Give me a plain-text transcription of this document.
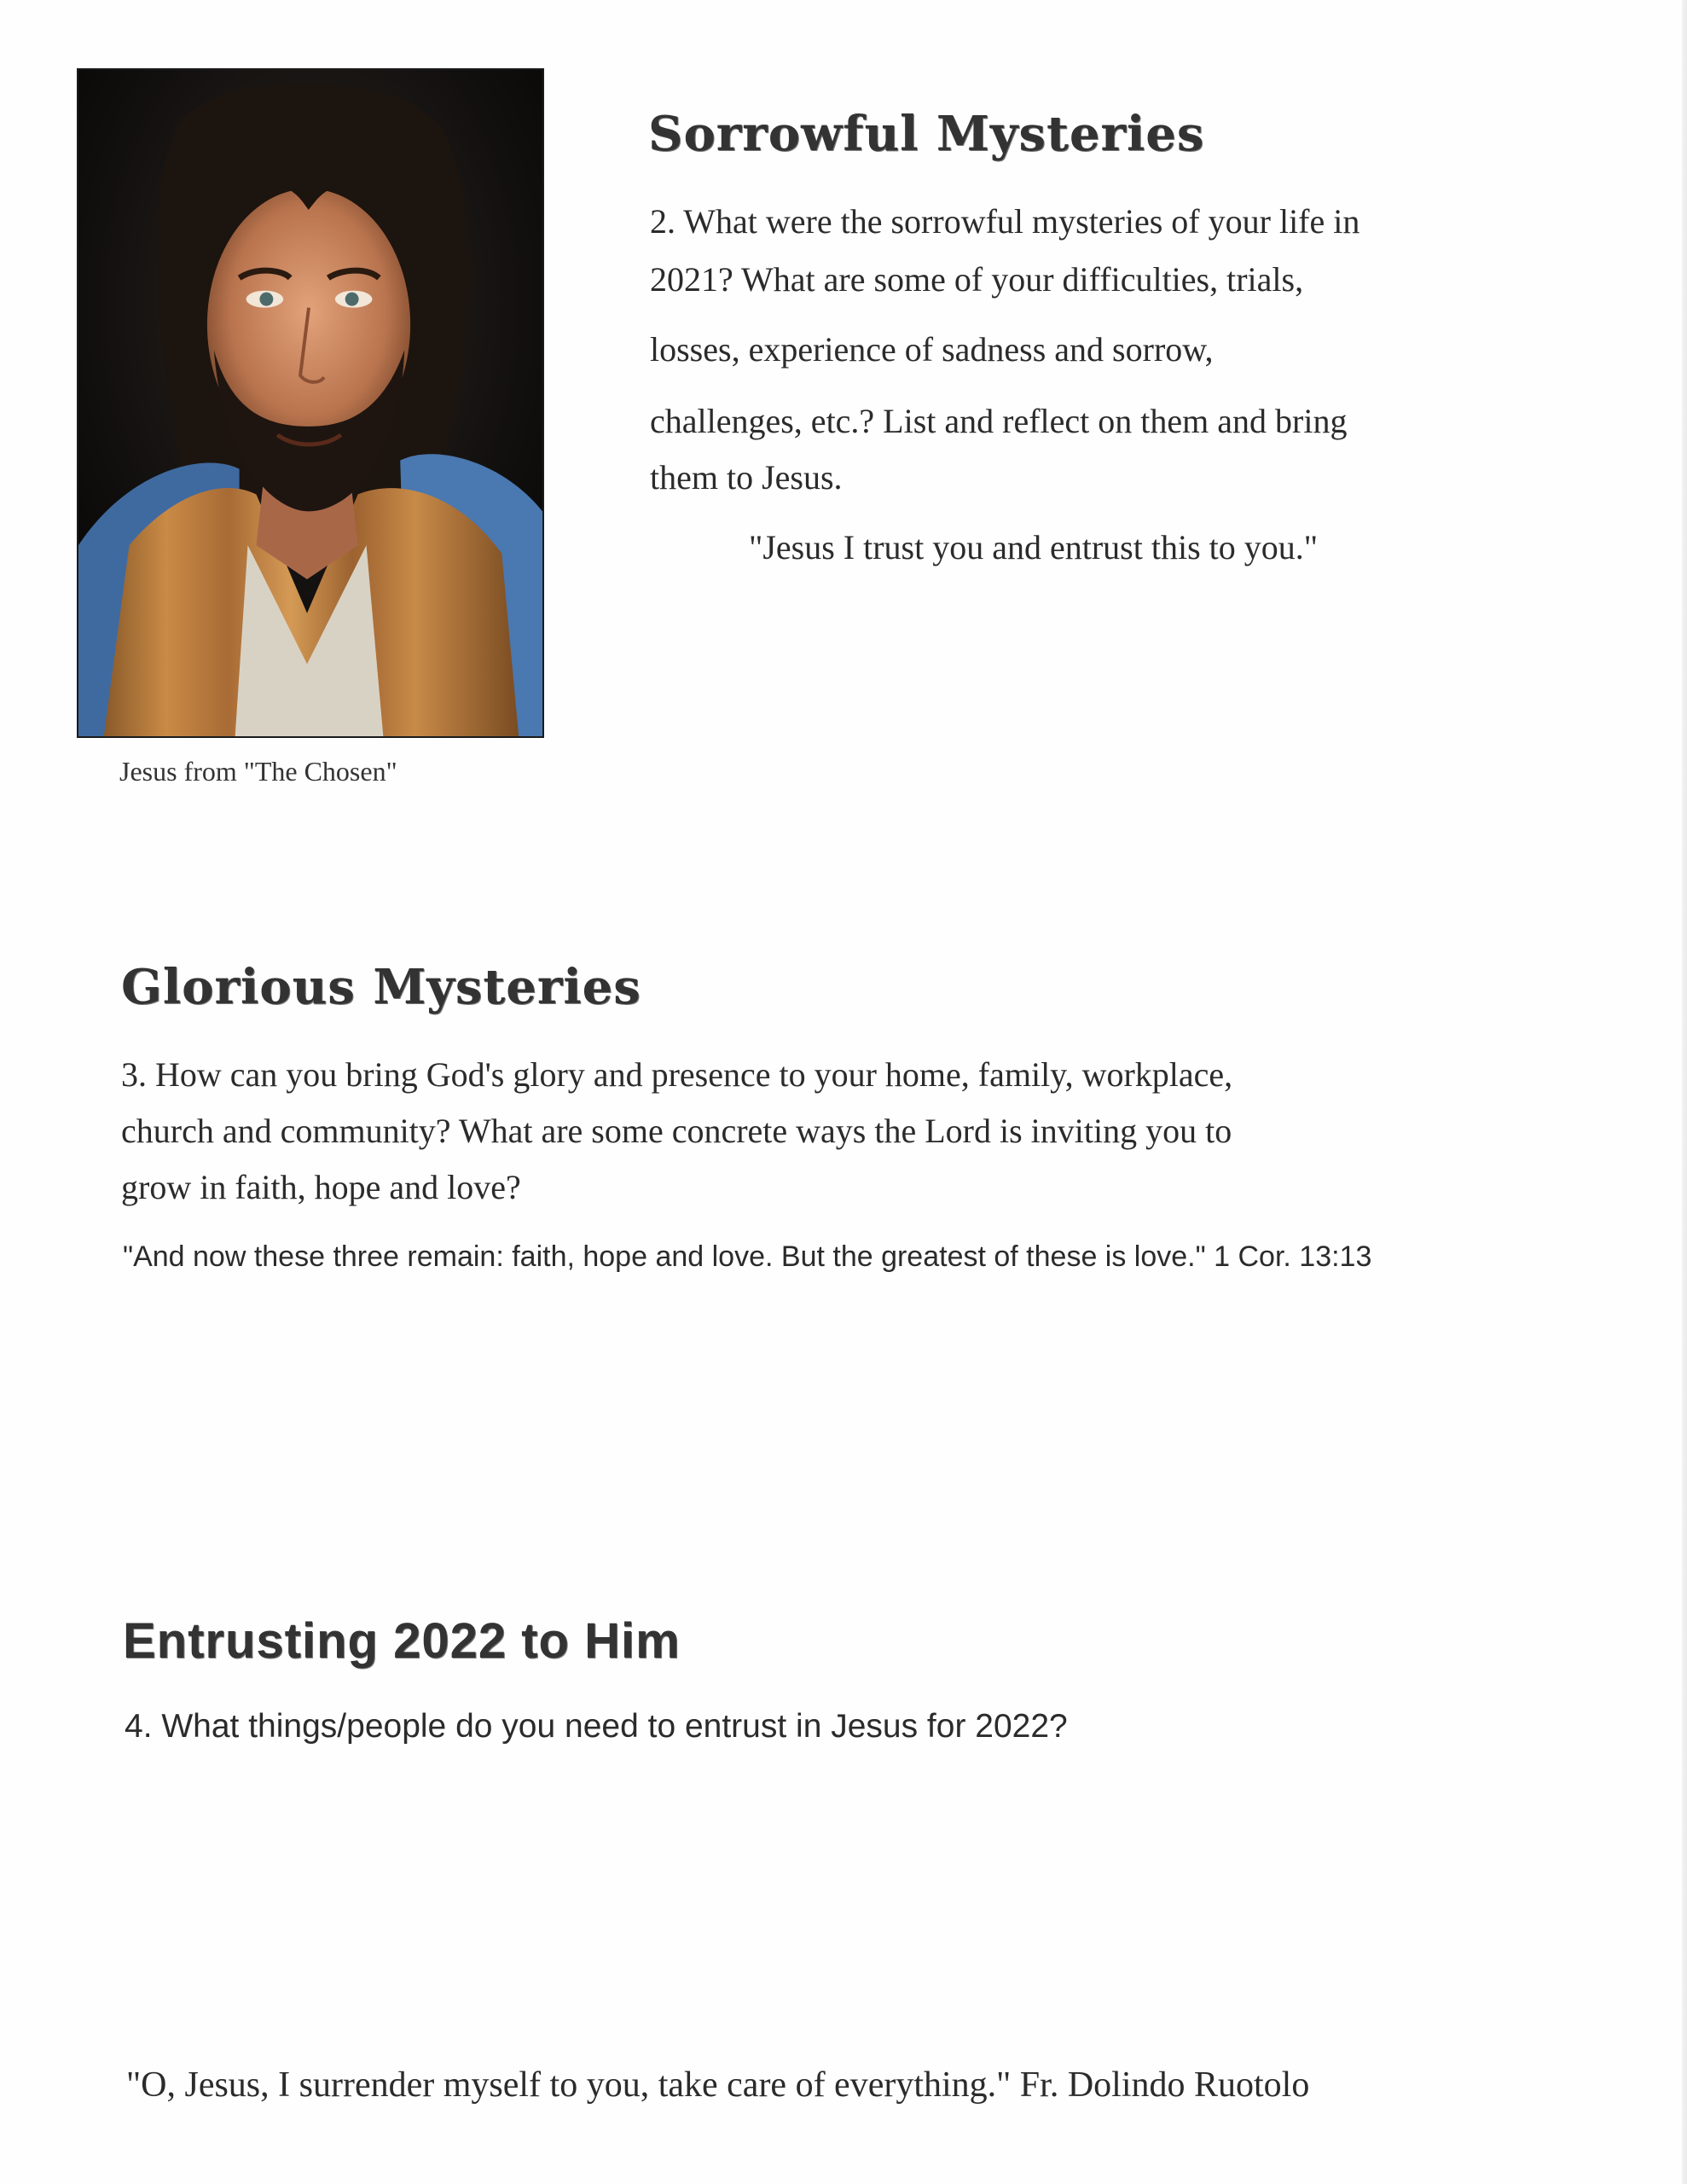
Jesus from "The Chosen"
Sorrowful Mysteries
2. What were the sorrowful mysteries of your life in
2021? What are some of your difficulties, trials,
losses, experience of sadness and sorrow,
challenges, etc.? List and reflect on them and bring
them to Jesus.
"Jesus I trust you and entrust this to you."
Glorious Mysteries
3. How can you bring God's glory and presence to your home, family, workplace,
church and community? What are some concrete ways the Lord is inviting you to
grow in faith, hope and love?
"And now these three remain: faith, hope and love. But the greatest of these is love." 1 Cor. 13:13
Entrusting 2022 to Him
4. What things/people do you need to entrust in Jesus for 2022?
"O, Jesus, I surrender myself to you, take care of everything." Fr. Dolindo Ruotolo
